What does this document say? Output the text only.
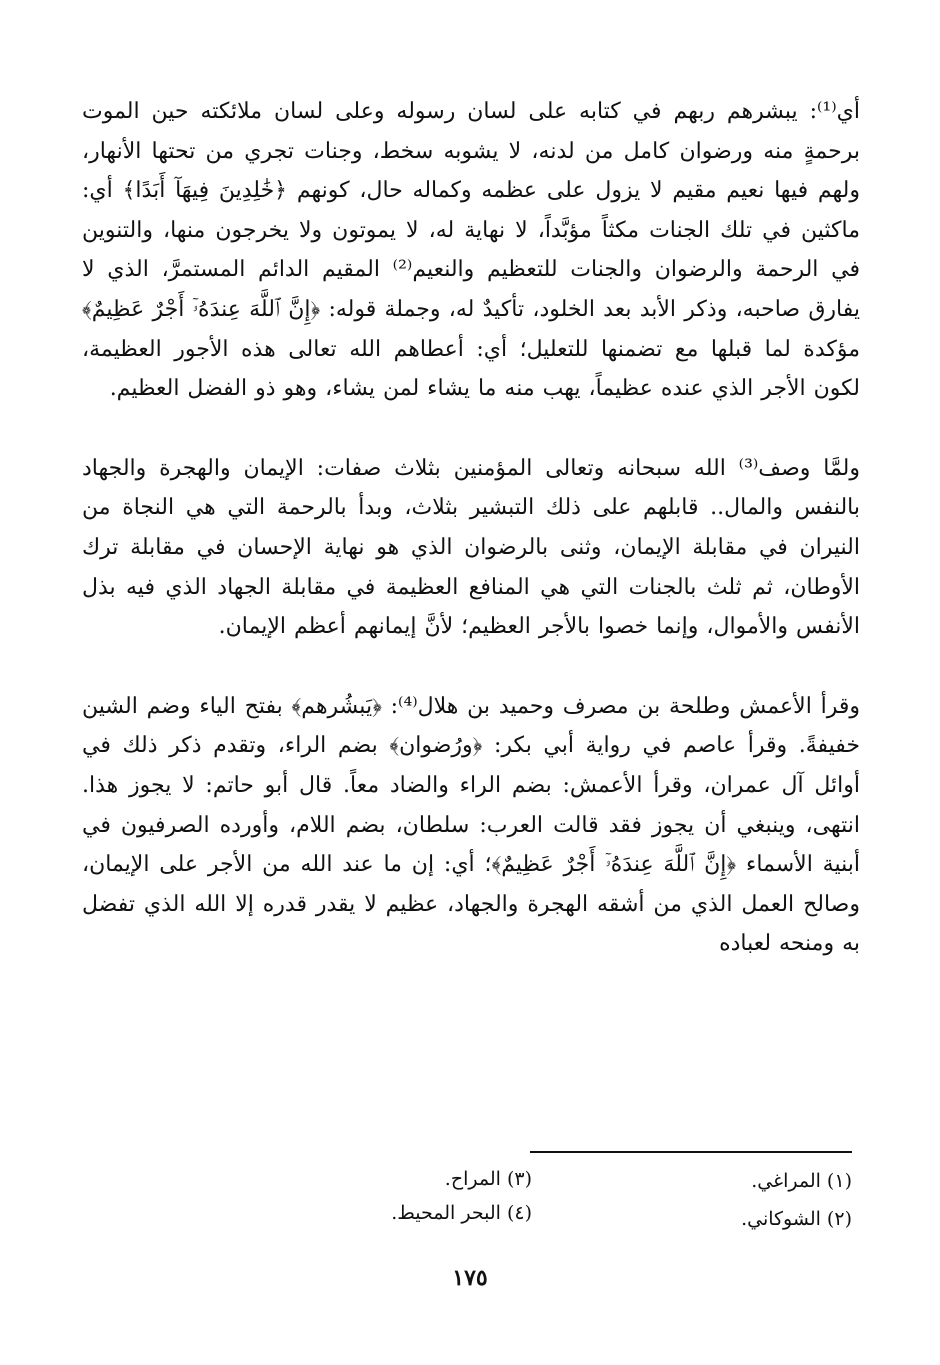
أي⁽¹⁾: يبشرهم ربهم في كتابه على لسان رسوله وعلى لسان ملائكته حين الموت برحمةٍ منه ورضوان كامل من لدنه، لا يشوبه سخط، وجنات تجري من تحتها الأنهار، ولهم فيها نعيم مقيم لا يزول على عظمه وكماله حال، كونهم ﴿خَٰلِدِينَ فِيهَآ أَبَدًا﴾ أي: ماكثين في تلك الجنات مكثاً مؤبَّداً، لا نهاية له، لا يموتون ولا يخرجون منها، والتنوين في الرحمة والرضوان والجنات للتعظيم والنعيم⁽²⁾ المقيم الدائم المستمرَّ، الذي لا يفارق صاحبه، وذكر الأبد بعد الخلود، تأكيدٌ له، وجملة قوله: ﴿إِنَّ ٱللَّهَ عِندَهُۥٓ أَجْرٌ عَظِيمٌ﴾ مؤكدة لما قبلها مع تضمنها للتعليل؛ أي: أعطاهم الله تعالى هذه الأجور العظيمة، لكون الأجر الذي عنده عظيماً، يهب منه ما يشاء لمن يشاء، وهو ذو الفضل العظيم.

ولمَّا وصف⁽³⁾ الله سبحانه وتعالى المؤمنين بثلاث صفات: الإيمان والهجرة والجهاد بالنفس والمال.. قابلهم على ذلك التبشير بثلاث، وبدأ بالرحمة التي هي النجاة من النيران في مقابلة الإيمان، وثنى بالرضوان الذي هو نهاية الإحسان في مقابلة ترك الأوطان، ثم ثلث بالجنات التي هي المنافع العظيمة في مقابلة الجهاد الذي فيه بذل الأنفس والأموال، وإنما خصوا بالأجر العظيم؛ لأنَّ إيمانهم أعظم الإيمان.

وقرأ الأعمش وطلحة بن مصرف وحميد بن هلال⁽⁴⁾: ﴿يَبشُرهم﴾ بفتح الياء وضم الشين خفيفةً. وقرأ عاصم في رواية أبي بكر: ﴿ورُضوان﴾ بضم الراء، وتقدم ذكر ذلك في أوائل آل عمران، وقرأ الأعمش: بضم الراء والضاد معاً. قال أبو حاتم: لا يجوز هذا. انتهى، وينبغي أن يجوز فقد قالت العرب: سلطان، بضم اللام، وأورده الصرفيون في أبنية الأسماء ﴿إِنَّ ٱللَّهَ عِندَهُۥٓ أَجْرٌ عَظِيمٌ﴾؛ أي: إن ما عند الله من الأجر على الإيمان، وصالح العمل الذي من أشقه الهجرة والجهاد، عظيم لا يقدر قدره إلا الله الذي تفضل به ومنحه لعباده

(١) المراغي.
(٢) الشوكاني.
(٣) المراح.
(٤) البحر المحيط.
١٧٥
